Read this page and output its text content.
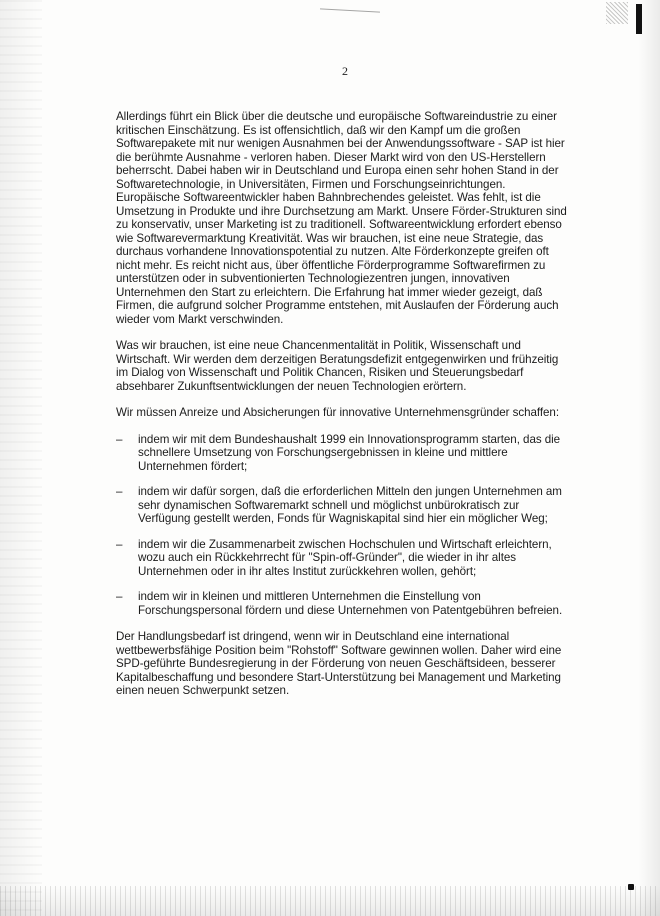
2

Allerdings führt ein Blick über die deutsche und europäische Softwareindustrie zu einer kritischen Einschätzung. Es ist offensichtlich, daß wir den Kampf um die großen Softwarepakete mit nur wenigen Ausnahmen bei der Anwendungssoftware - SAP ist hier die berühmte Ausnahme - verloren haben. Dieser Markt wird von den US-Herstellern beherrscht. Dabei haben wir in Deutschland und Europa einen sehr hohen Stand in der Softwaretechnologie, in Universitäten, Firmen und Forschungseinrichtungen. Europäische Softwareentwickler haben Bahnbrechendes geleistet. Was fehlt, ist die Umsetzung in Produkte und ihre Durchsetzung am Markt. Unsere Förder-Strukturen sind zu konservativ, unser Marketing ist zu traditionell. Softwareentwicklung erfordert ebenso wie Softwarevermarktung Kreativität. Was wir brauchen, ist eine neue Strategie, das durchaus vorhandene Innovationspotential zu nutzen. Alte Förderkonzepte greifen oft nicht mehr. Es reicht nicht aus, über öffentliche Förderprogramme Softwarefirmen zu unterstützen oder in subventionierten Technologiezentren jungen, innovativen Unternehmen den Start zu erleichtern. Die Erfahrung hat immer wieder gezeigt, daß Firmen, die aufgrund solcher Programme entstehen, mit Auslaufen der Förderung auch wieder vom Markt verschwinden.

Was wir brauchen, ist eine neue Chancenmentalität in Politik, Wissenschaft und Wirtschaft. Wir werden dem derzeitigen Beratungsdefizit entgegenwirken und frühzeitig im Dialog von Wissenschaft und Politik Chancen, Risiken und Steuerungsbedarf absehbarer Zukunftsentwicklungen der neuen Technologien erörtern.

Wir müssen Anreize und Absicherungen für innovative Unternehmensgründer schaffen:

– indem wir mit dem Bundeshaushalt 1999 ein Innovationsprogramm starten, das die schnellere Umsetzung von Forschungsergebnissen in kleine und mittlere Unternehmen fördert;
– indem wir dafür sorgen, daß die erforderlichen Mitteln den jungen Unternehmen am sehr dynamischen Softwaremarkt schnell und möglichst unbürokratisch zur Verfügung gestellt werden, Fonds für Wagniskapital sind hier ein möglicher Weg;
– indem wir die Zusammenarbeit zwischen Hochschulen und Wirtschaft erleichtern, wozu auch ein Rückkehrrecht für "Spin-off-Gründer", die wieder in ihr altes Unternehmen oder in ihr altes Institut zurückkehren wollen, gehört;
– indem wir in kleinen und mittleren Unternehmen die Einstellung von Forschungspersonal fördern und diese Unternehmen von Patentgebühren befreien.

Der Handlungsbedarf ist dringend, wenn wir in Deutschland eine international wettbewerbsfähige Position beim "Rohstoff" Software gewinnen wollen. Daher wird eine SPD-geführte Bundesregierung in der Förderung von neuen Geschäftsideen, besserer Kapitalbeschaffung und besondere Start-Unterstützung bei Management und Marketing einen neuen Schwerpunkt setzen.
